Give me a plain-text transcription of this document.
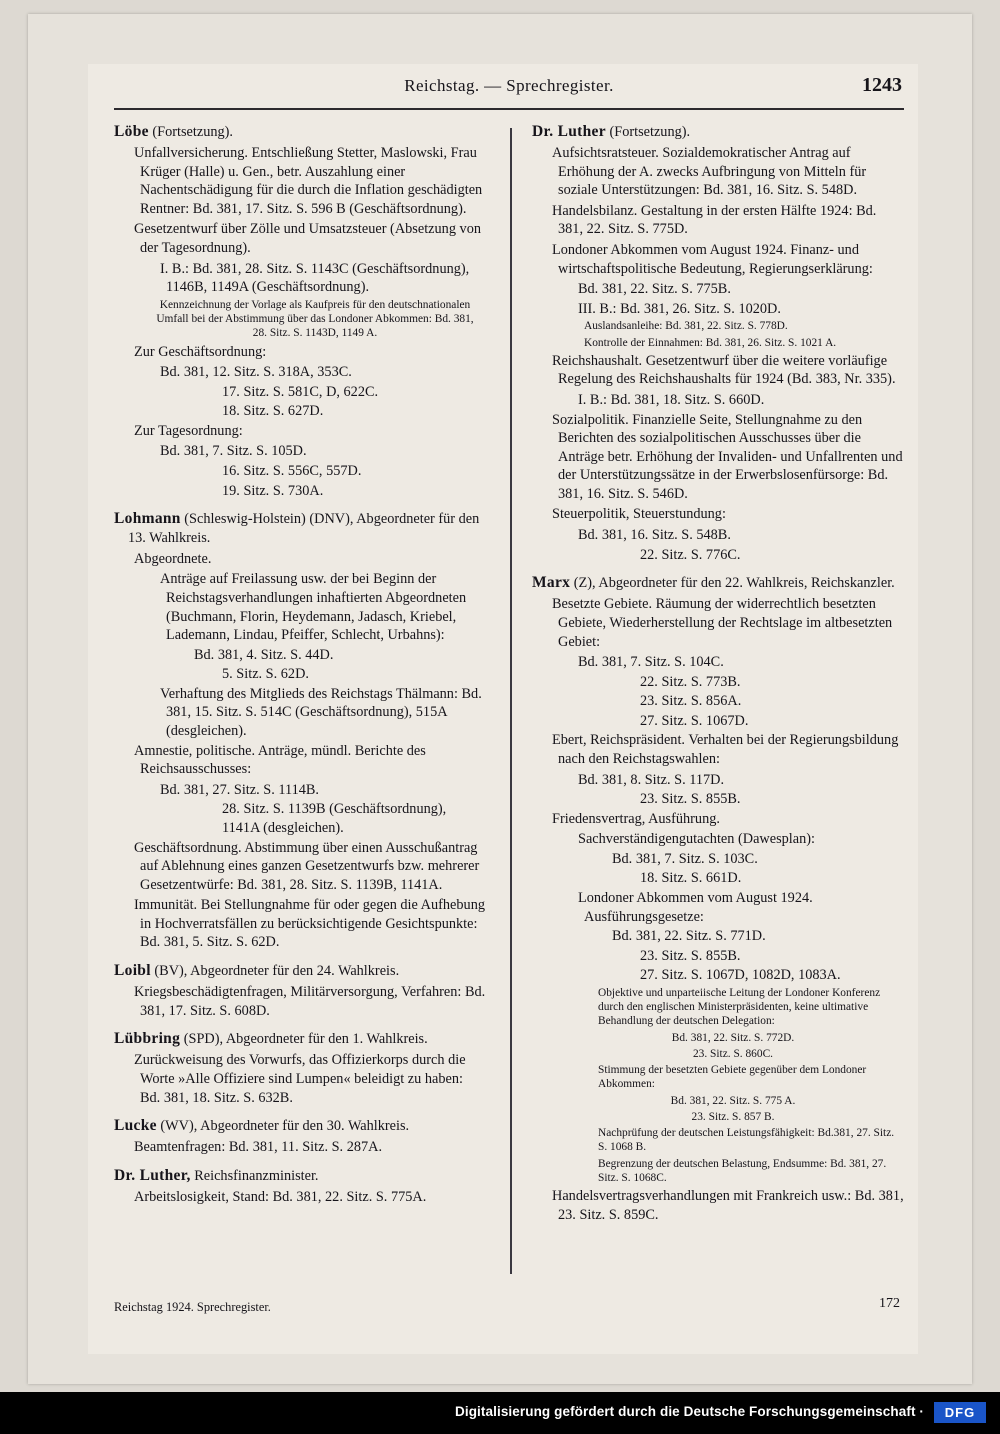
Reichstag. — Sprechregister.	1243
Löbe (Fortsetzung).
Unfallversicherung. Entschließung Stetter, Maslowski, Frau Krüger (Halle) u. Gen., betr. Auszahlung einer Nachentschädigung für die durch die Inflation geschädigten Rentner: Bd. 381, 17. Sitz. S. 596 B (Geschäftsordnung).
Gesetzentwurf über Zölle und Umsatzsteuer (Absetzung von der Tagesordnung).
I. B.: Bd. 381, 28. Sitz. S. 1143C (Geschäftsordnung), 1146B, 1149A (Geschäftsordnung).
Kennzeichnung der Vorlage als Kaufpreis für den deutschnationalen Umfall bei der Abstimmung über das Londoner Abkommen: Bd. 381, 28. Sitz. S. 1143D, 1149 A.
Zur Geschäftsordnung:
Bd. 381, 12. Sitz. S. 318A, 353C.
17. Sitz. S. 581C, D, 622C.
18. Sitz. S. 627D.
Zur Tagesordnung:
Bd. 381, 7. Sitz. S. 105D.
16. Sitz. S. 556C, 557D.
19. Sitz. S. 730A.
Lohmann (Schleswig-Holstein) (DNV), Abgeordneter für den 13. Wahlkreis.
Abgeordnete.
Anträge auf Freilassung usw. der bei Beginn der Reichstagsverhandlungen inhaftierten Abgeordneten (Buchmann, Florin, Heydemann, Jadasch, Kriebel, Lademann, Lindau, Pfeiffer, Schlecht, Urbahns):
Bd. 381, 4. Sitz. S. 44D.
5. Sitz. S. 62D.
Verhaftung des Mitglieds des Reichstags Thälmann: Bd. 381, 15. Sitz. S. 514C (Geschäftsordnung), 515A (desgleichen).
Amnestie, politische. Anträge, mündl. Berichte des Reichsausschusses:
Bd. 381, 27. Sitz. S. 1114B.
28. Sitz. S. 1139B (Geschäftsordnung), 1141A (desgleichen).
Geschäftsordnung. Abstimmung über einen Ausschußantrag auf Ablehnung eines ganzen Gesetzentwurfs bzw. mehrerer Gesetzentwürfe: Bd. 381, 28. Sitz. S. 1139B, 1141A.
Immunität. Bei Stellungnahme für oder gegen die Aufhebung in Hochverratsfällen zu berücksichtigende Gesichtspunkte: Bd. 381, 5. Sitz. S. 62D.
Loibl (BV), Abgeordneter für den 24. Wahlkreis.
Kriegsbeschädigtenfragen, Militärversorgung, Verfahren: Bd. 381, 17. Sitz. S. 608D.
Lübbring (SPD), Abgeordneter für den 1. Wahlkreis.
Zurückweisung des Vorwurfs, das Offizierkorps durch die Worte »Alle Offiziere sind Lumpen« beleidigt zu haben: Bd. 381, 18. Sitz. S. 632B.
Lucke (WV), Abgeordneter für den 30. Wahlkreis.
Beamtenfragen: Bd. 381, 11. Sitz. S. 287A.
Dr. Luther, Reichsfinanzminister.
Arbeitslosigkeit, Stand: Bd. 381, 22. Sitz. S. 775A.
Dr. Luther (Fortsetzung).
Aufsichtsratsteuer. Sozialdemokratischer Antrag auf Erhöhung der A. zwecks Aufbringung von Mitteln für soziale Unterstützungen: Bd. 381, 16. Sitz. S. 548D.
Handelsbilanz. Gestaltung in der ersten Hälfte 1924: Bd. 381, 22. Sitz. S. 775D.
Londoner Abkommen vom August 1924. Finanz- und wirtschaftspolitische Bedeutung, Regierungserklärung:
Bd. 381, 22. Sitz. S. 775B.
III. B.: Bd. 381, 26. Sitz. S. 1020D.
Auslandsanleihe: Bd. 381, 22. Sitz. S. 778D.
Kontrolle der Einnahmen: Bd. 381, 26. Sitz. S. 1021 A.
Reichshaushalt. Gesetzentwurf über die weitere vorläufige Regelung des Reichshaushalts für 1924 (Bd. 383, Nr. 335).
I. B.: Bd. 381, 18. Sitz. S. 660D.
Sozialpolitik. Finanzielle Seite, Stellungnahme zu den Berichten des sozialpolitischen Ausschusses über die Anträge betr. Erhöhung der Invaliden- und Unfallrenten und der Unterstützungssätze in der Erwerbslosenfürsorge: Bd. 381, 16. Sitz. S. 546D.
Steuerpolitik, Steuerstundung:
Bd. 381, 16. Sitz. S. 548B.
22. Sitz. S. 776C.
Marx (Z), Abgeordneter für den 22. Wahlkreis, Reichskanzler.
Besetzte Gebiete. Räumung der widerrechtlich besetzten Gebiete, Wiederherstellung der Rechtslage im altbesetzten Gebiet:
Bd. 381, 7. Sitz. S. 104C.
22. Sitz. S. 773B.
23. Sitz. S. 856A.
27. Sitz. S. 1067D.
Ebert, Reichspräsident. Verhalten bei der Regierungsbildung nach den Reichstagswahlen:
Bd. 381, 8. Sitz. S. 117D.
23. Sitz. S. 855B.
Friedensvertrag, Ausführung.
Sachverständigengutachten (Dawesplan):
Bd. 381, 7. Sitz. S. 103C.
18. Sitz. S. 661D.
Londoner Abkommen vom August 1924. Ausführungsgesetze:
Bd. 381, 22. Sitz. S. 771D.
23. Sitz. S. 855B.
27. Sitz. S. 1067D, 1082D, 1083A.
Objektive und unparteiische Leitung der Londoner Konferenz durch den englischen Ministerpräsidenten, keine ultimative Behandlung der deutschen Delegation:
Bd. 381, 22. Sitz. S. 772D.
23. Sitz. S. 860C.
Stimmung der besetzten Gebiete gegenüber dem Londoner Abkommen:
Bd. 381, 22. Sitz. S. 775 A.
23. Sitz. S. 857 B.
Nachprüfung der deutschen Leistungsfähigkeit: Bd.381, 27. Sitz. S. 1068 B.
Begrenzung der deutschen Belastung, Endsumme: Bd. 381, 27. Sitz. S. 1068C.
Handelsvertragsverhandlungen mit Frankreich usw.: Bd. 381, 23. Sitz. S. 859C.
Reichstag 1924. Sprechregister.	172
Digitalisierung gefördert durch die Deutsche Forschungsgemeinschaft ·	DFG
